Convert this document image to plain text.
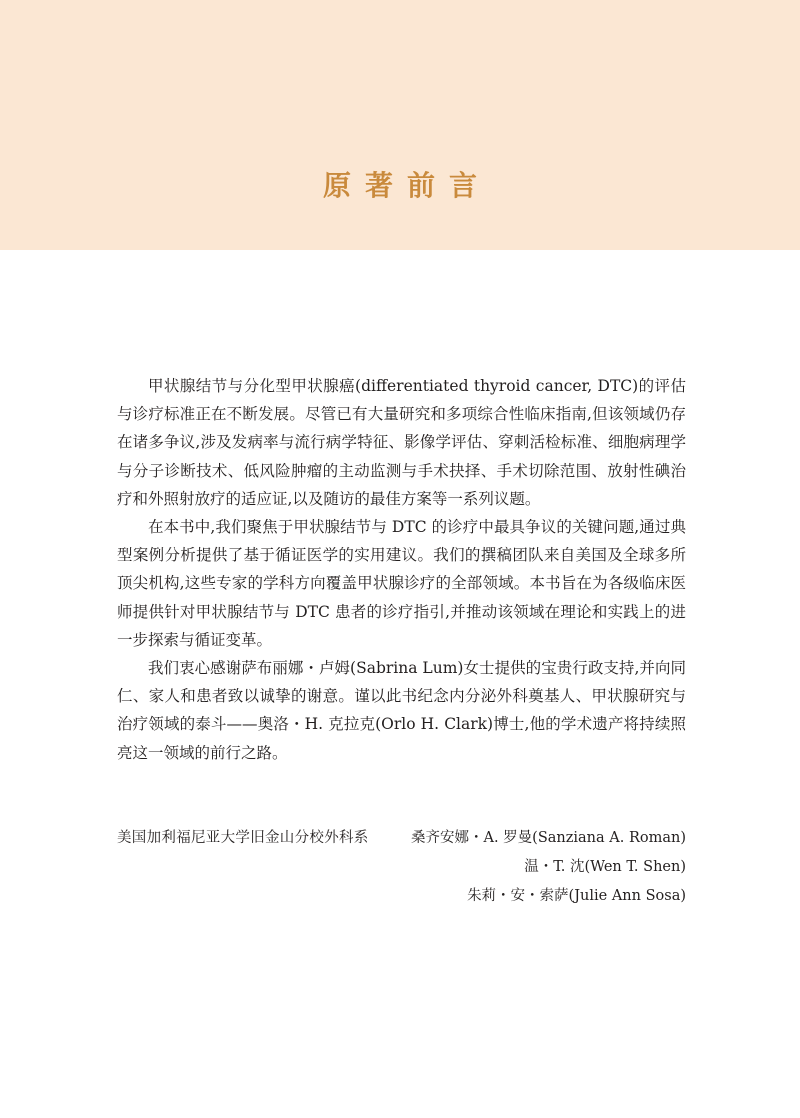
原著前言

甲状腺结节与分化型甲状腺癌(differentiated thyroid cancer, DTC)的评估与诊疗标准正在不断发展。尽管已有大量研究和多项综合性临床指南,但该领域仍存在诸多争议,涉及发病率与流行病学特征、影像学评估、穿刺活检标准、细胞病理学与分子诊断技术、低风险肿瘤的主动监测与手术抉择、手术切除范围、放射性碘治疗和外照射放疗的适应证,以及随访的最佳方案等一系列议题。

在本书中,我们聚焦于甲状腺结节与 DTC 的诊疗中最具争议的关键问题,通过典型案例分析提供了基于循证医学的实用建议。我们的撰稿团队来自美国及全球多所顶尖机构,这些专家的学科方向覆盖甲状腺诊疗的全部领域。本书旨在为各级临床医师提供针对甲状腺结节与 DTC 患者的诊疗指引,并推动该领域在理论和实践上的进一步探索与循证变革。

我们衷心感谢萨布丽娜・卢姆(Sabrina Lum)女士提供的宝贵行政支持,并向同仁、家人和患者致以诚挚的谢意。谨以此书纪念内分泌外科奠基人、甲状腺研究与治疗领域的泰斗——奥洛・H. 克拉克(Orlo H. Clark)博士,他的学术遗产将持续照亮这一领域的前行之路。

美国加利福尼亚大学旧金山分校外科系	桑齐安娜・A. 罗曼(Sanziana A. Roman)
温・T. 沈(Wen T. Shen)
朱莉・安・索萨(Julie Ann Sosa)
